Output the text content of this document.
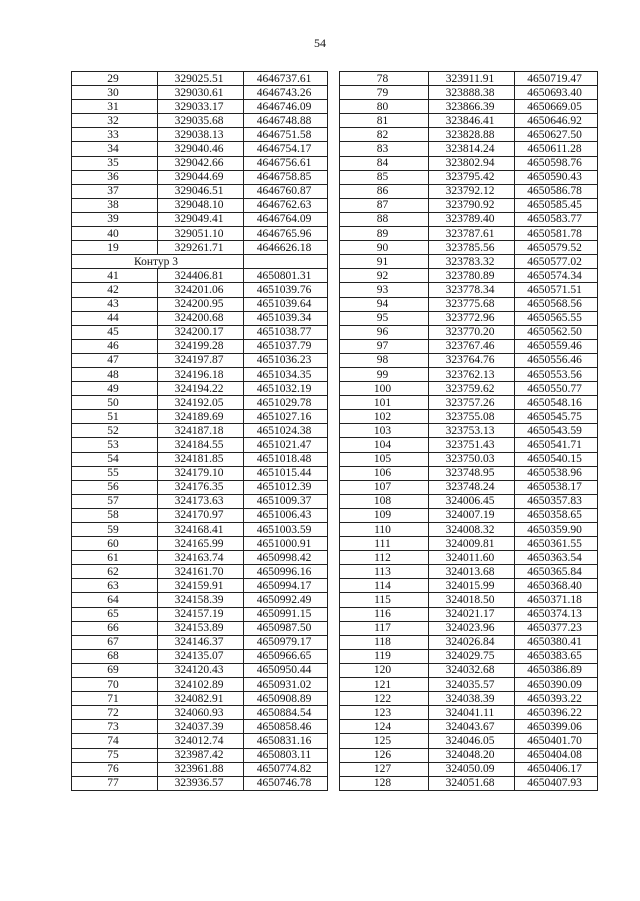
54
29	329025.51	4646737.61
30	329030.61	4646743.26
31	329033.17	4646746.09
32	329035.68	4646748.88
33	329038.13	4646751.58
34	329040.46	4646754.17
35	329042.66	4646756.61
36	329044.69	4646758.85
37	329046.51	4646760.87
38	329048.10	4646762.63
39	329049.41	4646764.09
40	329051.10	4646765.96
19	329261.71	4646626.18
Контур 3		
41	324406.81	4650801.31
42	324201.06	4651039.76
43	324200.95	4651039.64
44	324200.68	4651039.34
45	324200.17	4651038.77
46	324199.28	4651037.79
47	324197.87	4651036.23
48	324196.18	4651034.35
49	324194.22	4651032.19
50	324192.05	4651029.78
51	324189.69	4651027.16
52	324187.18	4651024.38
53	324184.55	4651021.47
54	324181.85	4651018.48
55	324179.10	4651015.44
56	324176.35	4651012.39
57	324173.63	4651009.37
58	324170.97	4651006.43
59	324168.41	4651003.59
60	324165.99	4651000.91
61	324163.74	4650998.42
62	324161.70	4650996.16
63	324159.91	4650994.17
64	324158.39	4650992.49
65	324157.19	4650991.15
66	324153.89	4650987.50
67	324146.37	4650979.17
68	324135.07	4650966.65
69	324120.43	4650950.44
70	324102.89	4650931.02
71	324082.91	4650908.89
72	324060.93	4650884.54
73	324037.39	4650858.46
74	324012.74	4650831.16
75	323987.42	4650803.11
76	323961.88	4650774.82
77	323936.57	4650746.78
78	323911.91	4650719.47
79	323888.38	4650693.40
80	323866.39	4650669.05
81	323846.41	4650646.92
82	323828.88	4650627.50
83	323814.24	4650611.28
84	323802.94	4650598.76
85	323795.42	4650590.43
86	323792.12	4650586.78
87	323790.92	4650585.45
88	323789.40	4650583.77
89	323787.61	4650581.78
90	323785.56	4650579.52
91	323783.32	4650577.02
92	323780.89	4650574.34
93	323778.34	4650571.51
94	323775.68	4650568.56
95	323772.96	4650565.55
96	323770.20	4650562.50
97	323767.46	4650559.46
98	323764.76	4650556.46
99	323762.13	4650553.56
100	323759.62	4650550.77
101	323757.26	4650548.16
102	323755.08	4650545.75
103	323753.13	4650543.59
104	323751.43	4650541.71
105	323750.03	4650540.15
106	323748.95	4650538.96
107	323748.24	4650538.17
108	324006.45	4650357.83
109	324007.19	4650358.65
110	324008.32	4650359.90
111	324009.81	4650361.55
112	324011.60	4650363.54
113	324013.68	4650365.84
114	324015.99	4650368.40
115	324018.50	4650371.18
116	324021.17	4650374.13
117	324023.96	4650377.23
118	324026.84	4650380.41
119	324029.75	4650383.65
120	324032.68	4650386.89
121	324035.57	4650390.09
122	324038.39	4650393.22
123	324041.11	4650396.22
124	324043.67	4650399.06
125	324046.05	4650401.70
126	324048.20	4650404.08
127	324050.09	4650406.17
128	324051.68	4650407.93
